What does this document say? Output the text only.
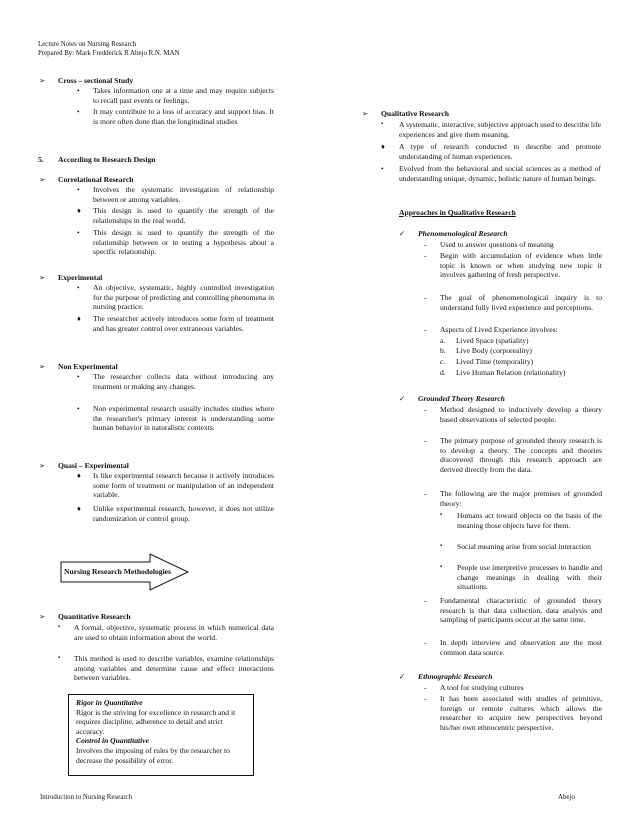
Lecture Notes on Nursing Research
Prepared By: Mark Fredderick R Abejo R.N. MAN
➢ Cross – sectional Study
• Takes information one at a time and may require subjects to recall past events or feelings.
• It may contribute to a loss of accuracy and support bias. It is more often done than the longitudinal studies
5. According to Research Design
➢ Correlational Research
• Involves the systematic investigation of relationship between or among variables.
♦ This design is used to quantify the strength of the relationships in the real world.
• This design is used to quantify the strength of the relationship between or in testing a hypothesis about a specific relationship.
➢ Experimental
• An objective, systematic, highly controlled investigation for the purpose of predicting and controlling phenomena in nursing practice.
♦ The researcher actively introduces some form of treatment and has greater control over extraneous variables.
➢ Non Experimental
• The researcher collects data without introducing any treatment or making any changes.
• Non experimental research usually includes studies where the researcher's primary interest is understanding some human behavior in naturalistic contexts.
➢ Quasi – Experimental
♦ Is like experimental research because it actively introduces some form of treatment or manipulation of an independent variable.
♦ Unlike experimental research, however, it does not utilize randomization or control group.
Nursing Research Methodologies
➢ Quantitative Research
▪ A formal, objective, systematic process in which numerical data are used to obtain information about the world.
▪ This method is used to describe variables, examine relationships among variables and determine cause and effect interactions between variables.
Rigor in Quantitative
Rigor is the striving for excellence in research and it requires discipline, adherence to detail and strict accuracy.
Control in Quantitative
Involves the imposing of rules by the researcher to decrease the possibility of error.
➢ Qualitative Research
▪ A systematic, interactive, subjective approach used to describe life experiences and give them meaning.
♦ A type of research conducted to describe and promote understanding of human experiences.
• Evolved from the behavioral and social sciences as a method of understanding unique, dynamic, holistic nature of human beings.
Approaches in Qualitative Research
✓ Phenomenological Research
- Used to answer questions of meaning
- Begin with accumulation of evidence when little topic is known or when studying new topic it involves gathering of fresh perspective.
- The goal of phenomenological inquiry is to understand fully lived experience and perceptions.
- Aspects of Lived Experience involves:
a. Lived Space (spatiality)
b. Live Body (corporeality)
c. Lived Time (temporality)
d. Live Human Relation (relationality)
✓ Grounded Theory Research
- Method designed to inductively develop a theory based observations of selected people.
- The primary purpose of grounded theory research is to develop a theory. The concepts and theories discovered through this research approach are derived directly from the data.
- The following are the major premises of grounded theory:
▪ Humans act toward objects on the basis of the meaning those objects have for them.
▪ Social meaning arise from social interaction
▪ People use interpretive processes to handle and change meanings in dealing with their situations.
- Fundamental characteristic of grounded theory research is that data collection, data analysis and sampling of participants occur at the same time.
- In depth interview and observation are the most common data source.
✓ Ethnographic Research
- A tool for studying cultures
- It has been associated with studies of primitive, foreign or remote cultures which allows the researcher to acquire new perspectives beyond his/her own ethnocentric perspective.
Introduction to Nursing Research	Abejo
